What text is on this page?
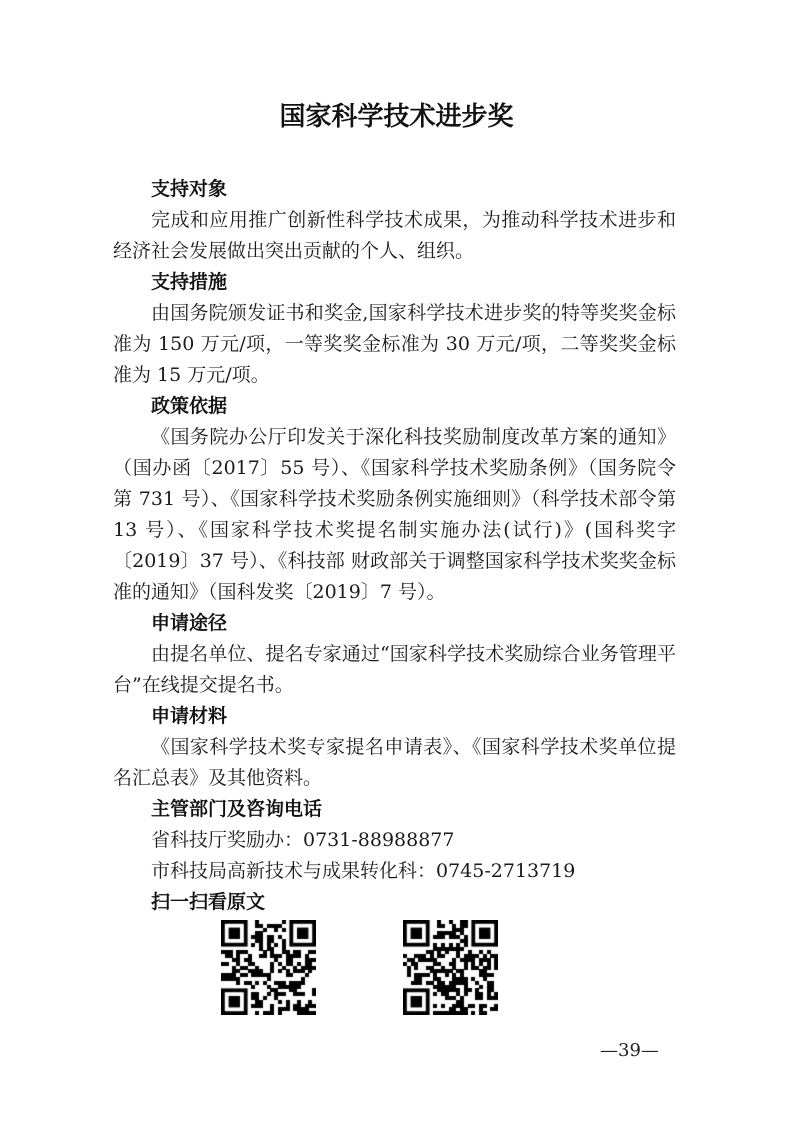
国家科学技术进步奖
支持对象

完成和应用推广创新性科学技术成果，为推动科学技术进步和经济社会发展做出突出贡献的个人、组织。

支持措施

由国务院颁发证书和奖金,国家科学技术进步奖的特等奖奖金标准为 150 万元/项，一等奖奖金标准为 30 万元/项，二等奖奖金标准为 15 万元/项。

政策依据

《国务院办公厅印发关于深化科技奖励制度改革方案的通知》（国办函〔2017〕55 号）、《国家科学技术奖励条例》（国务院令第 731 号）、《国家科学技术奖励条例实施细则》（科学技术部令第 13 号）、《国家科学技术奖提名制实施办法(试行)》(国科奖字〔2019〕37 号）、《科技部 财政部关于调整国家科学技术奖奖金标准的通知》（国科发奖〔2019〕7 号）。

申请途径

由提名单位、提名专家通过“国家科学技术奖励综合业务管理平台”在线提交提名书。

申请材料

《国家科学技术奖专家提名申请表》、《国家科学技术奖单位提名汇总表》及其他资料。

主管部门及咨询电话

省科技厅奖励办：0731-88988877

市科技局高新技术与成果转化科：0745-2713719

扫一扫看原文
—39—
